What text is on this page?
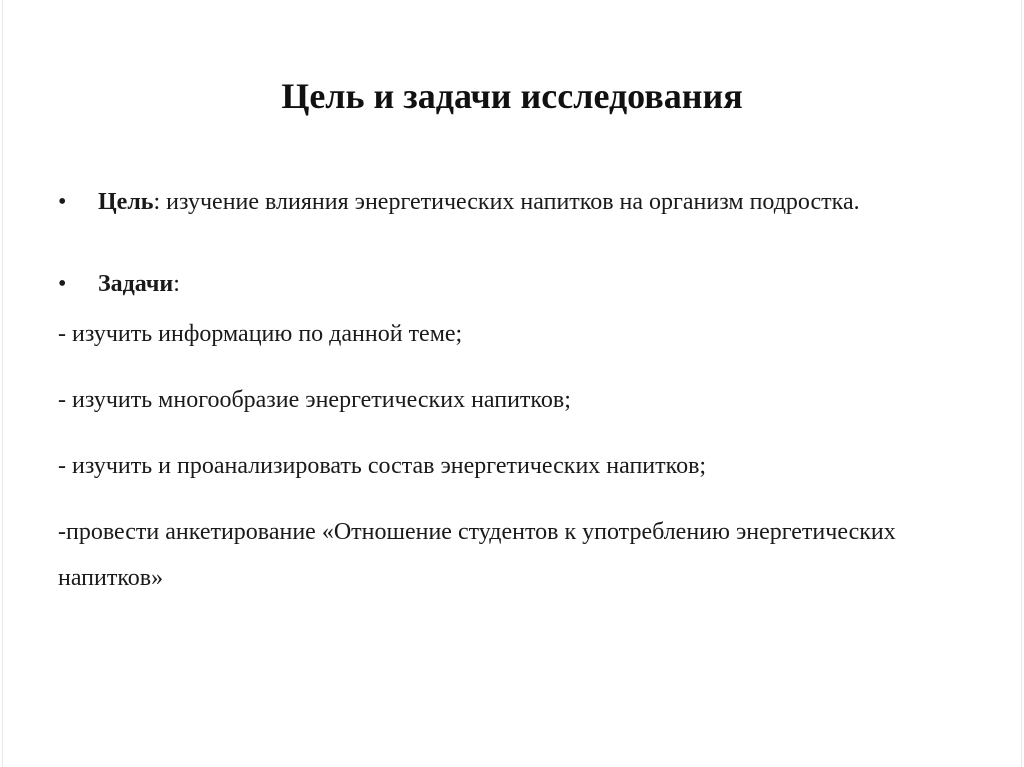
Цель и задачи исследования
• Цель: изучение влияния энергетических напитков на организм подростка.
• Задачи:
- изучить информацию по данной теме;
- изучить многообразие энергетических напитков;
- изучить и проанализировать состав энергетических напитков;
-провести анкетирование «Отношение студентов к употреблению энергетических
напитков»
